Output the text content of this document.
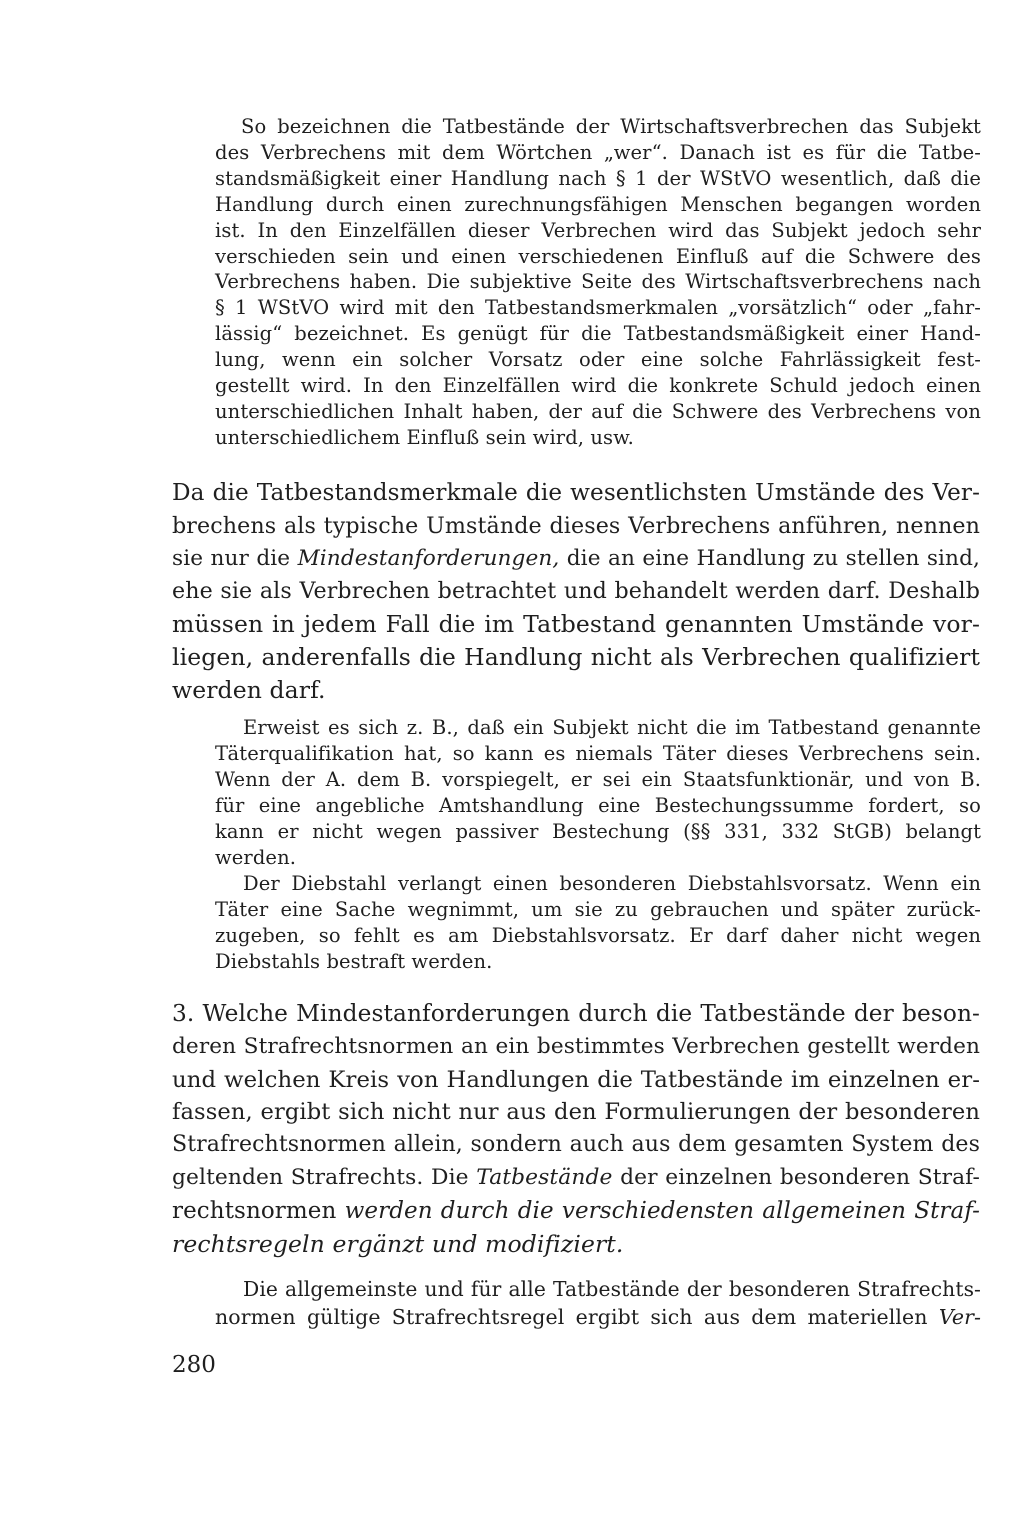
So bezeichnen die Tatbestände der Wirtschaftsverbrechen das Subjekt
des Verbrechens mit dem Wörtchen „wer“. Danach ist es für die Tatbe-
standsmäßigkeit einer Handlung nach § 1 der WStVO wesentlich, daß die
Handlung durch einen zurechnungsfähigen Menschen begangen worden
ist. In den Einzelfällen dieser Verbrechen wird das Subjekt jedoch sehr
verschieden sein und einen verschiedenen Einfluß auf die Schwere des
Verbrechens haben. Die subjektive Seite des Wirtschaftsverbrechens nach
§ 1 WStVO wird mit den Tatbestandsmerkmalen „vorsätzlich“ oder „fahr-
lässig“ bezeichnet. Es genügt für die Tatbestandsmäßigkeit einer Hand-
lung, wenn ein solcher Vorsatz oder eine solche Fahrlässigkeit fest-
gestellt wird. In den Einzelfällen wird die konkrete Schuld jedoch einen
unterschiedlichen Inhalt haben, der auf die Schwere des Verbrechens von
unterschiedlichem Einfluß sein wird, usw.
Da die Tatbestandsmerkmale die wesentlichsten Umstände des Ver-
brechens als typische Umstände dieses Verbrechens anführen, nennen
sie nur die Mindestanforderungen, die an eine Handlung zu stellen sind,
ehe sie als Verbrechen betrachtet und behandelt werden darf. Deshalb
müssen in jedem Fall die im Tatbestand genannten Umstände vor-
liegen, anderenfalls die Handlung nicht als Verbrechen qualifiziert
werden darf.
Erweist es sich z. B., daß ein Subjekt nicht die im Tatbestand genannte
Täterqualifikation hat, so kann es niemals Täter dieses Verbrechens sein.
Wenn der A. dem B. vorspiegelt, er sei ein Staatsfunktionär, und von B.
für eine angebliche Amtshandlung eine Bestechungssumme fordert, so
kann er nicht wegen passiver Bestechung (§§ 331, 332 StGB) belangt
werden.
Der Diebstahl verlangt einen besonderen Diebstahlsvorsatz. Wenn ein
Täter eine Sache wegnimmt, um sie zu gebrauchen und später zurück-
zugeben, so fehlt es am Diebstahlsvorsatz. Er darf daher nicht wegen
Diebstahls bestraft werden.
3. Welche Mindestanforderungen durch die Tatbestände der beson-
deren Strafrechtsnormen an ein bestimmtes Verbrechen gestellt werden
und welchen Kreis von Handlungen die Tatbestände im einzelnen er-
fassen, ergibt sich nicht nur aus den Formulierungen der besonderen
Strafrechtsnormen allein, sondern auch aus dem gesamten System des
geltenden Strafrechts. Die Tatbestände der einzelnen besonderen Straf-
rechtsnormen werden durch die verschiedensten allgemeinen Straf-
rechtsregeln ergänzt und modifiziert.
Die allgemeinste und für alle Tatbestände der besonderen Strafrechts-
normen gültige Strafrechtsregel ergibt sich aus dem materiellen Ver-
280
